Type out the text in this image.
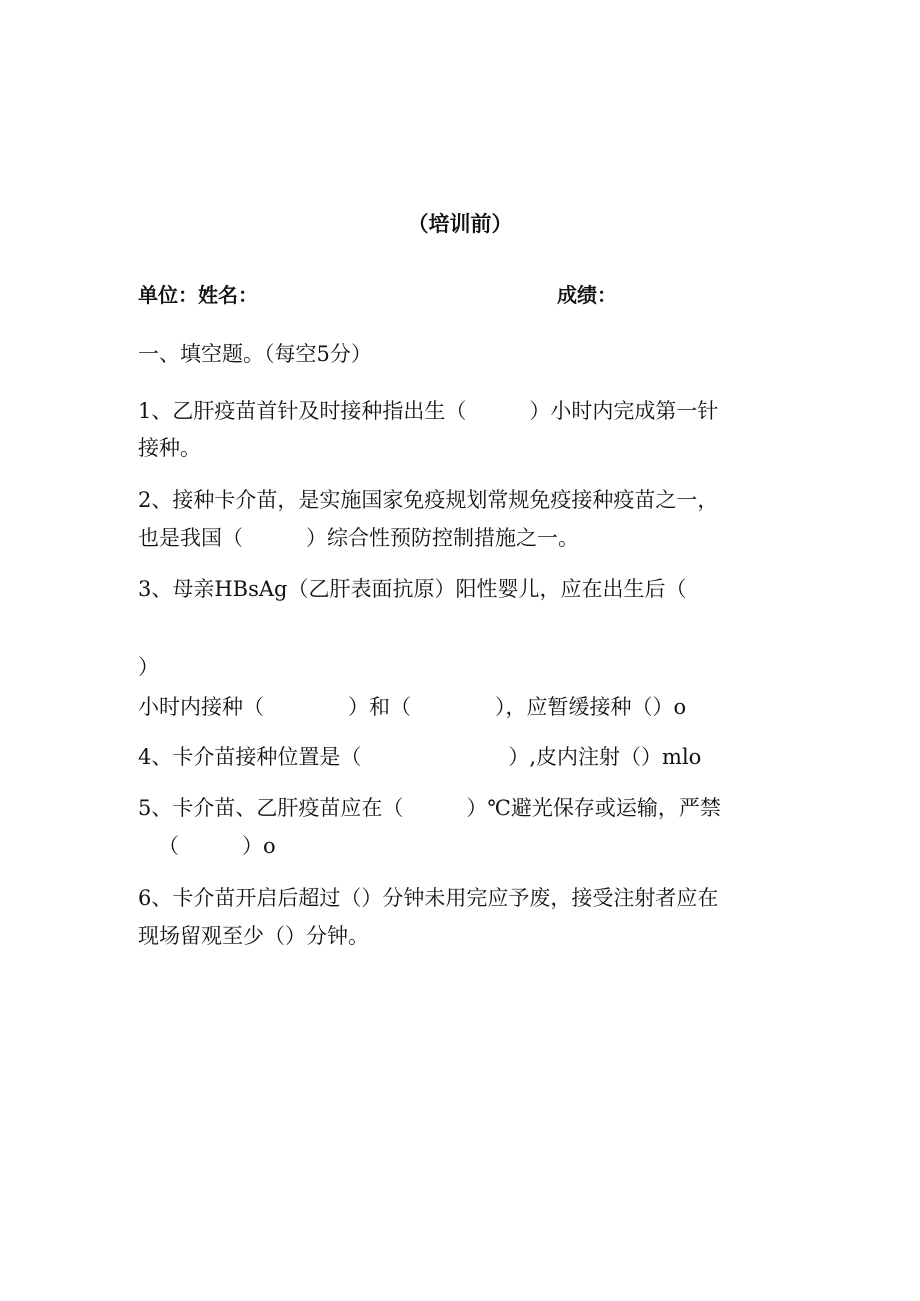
（培训前）
单位：姓名：	成绩：
一、填空题。（每空5分）
1、乙肝疫苗首针及时接种指出生（　　　）小时内完成第一针
接种。
2、接种卡介苗，是实施国家免疫规划常规免疫接种疫苗之一，
也是我国（　　　）综合性预防控制措施之一。
3、母亲HBsAg（乙肝表面抗原）阳性婴儿，应在出生后（
）
小时内接种（　　　　）和（　　　　），应暂缓接种（）o
4、卡介苗接种位置是（　　　　　　　）,皮内注射（）mlo
5、卡介苗、乙肝疫苗应在（　　　）℃避光保存或运输，严禁
（　　　）o
6、卡介苗开启后超过（）分钟未用完应予废，接受注射者应在
现场留观至少（）分钟。
